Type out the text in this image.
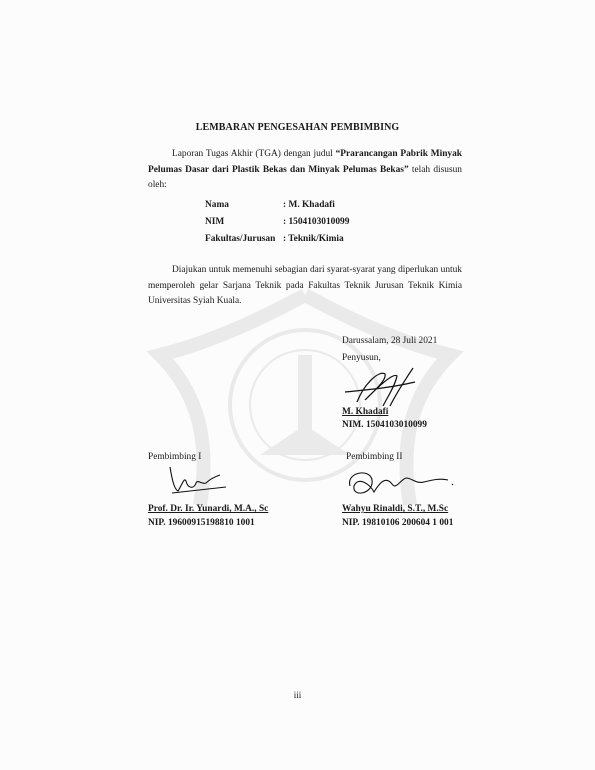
LEMBARAN PENGESAHAN PEMBIMBING
Laporan Tugas Akhir (TGA) dengan judul “Prarancangan Pabrik Minyak Pelumas Dasar dari Plastik Bekas dan Minyak Pelumas Bekas” telah disusun oleh:
Nama	: M. Khadafi
NIM	: 1504103010099
Fakultas/Jurusan : Teknik/Kimia
Diajukan untuk memenuhi sebagian dari syarat-syarat yang diperlukan untuk memperoleh gelar Sarjana Teknik pada Fakultas Teknik Jurusan Teknik Kimia Universitas Syiah Kuala.
Darussalam, 28 Juli 2021
Penyusun,
M. Khadafi
NIM. 1504103010099
Pembimbing I	Pembimbing II
Prof. Dr. Ir. Yunardi, M.A., Sc
NIP. 19600915198810 1001
Wahyu Rinaldi, S.T., M.Sc
NIP. 19810106 200604 1 001
iii
